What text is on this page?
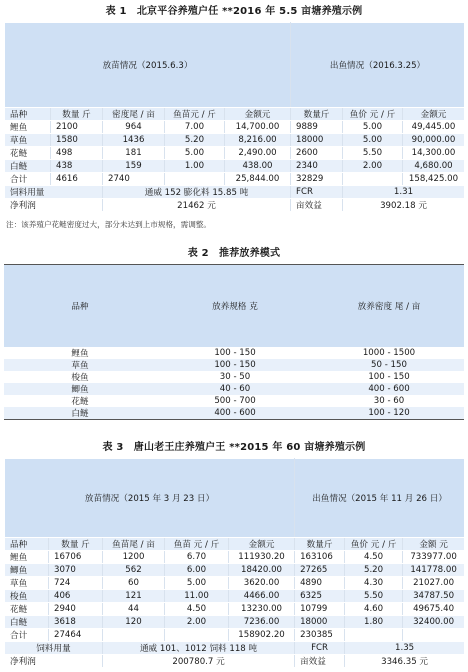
表 1　北京平谷养殖户任 **2016 年 5.5 亩塘养殖示例
放苗情况（2015.6.3）					出鱼情况（2016.3.25）		
品种	数量 斤	密度尾 / 亩	鱼苗元 / 斤	金额元	数量斤	鱼价 元 / 斤	金额元
鲤鱼	2100	964	7.00	14,700.00	9889	5.00	49,445.00
草鱼	1580	1436	5.20	8,216.00	18000	5.00	90,000.00
花鲢	498	181	5.00	2,490.00	2600	5.50	14,300.00
白鲢	438	159	1.00	438.00	2340	2.00	4,680.00
合计	4616	2740		25,844.00	32829		158,425.00
饲料用量		通威 152 膨化料 15.85 吨			FCR	1.31	
净利润		21462 元			亩效益	3902.18 元	
注：该养殖户花鲢密度过大，部分未达到上市规格，需调整。
表 2　推荐放养模式
品种	放养规格 克	放养密度 尾 / 亩
鲤鱼	100 - 150	1000 - 1500
草鱼	100 - 150	50 - 150
梭鱼	30 - 50	100 - 150
鲫鱼	40 - 60	400 - 600
花鲢	500 - 700	30 - 60
白鲢	400 - 600	100 - 120
表 3　唐山老王庄养殖户王 **2015 年 60 亩塘养殖示例
放苗情况（2015 年 3 月 23 日）					出鱼情况（2015 年 11 月 26 日）		
品种	数量 斤	鱼苗尾 / 亩	鱼苗 元 / 斤	金额元	数量斤	鱼价 元 / 斤	金额 元
鲤鱼	16706	1200	6.70	111930.20	163106	4.50	733977.00
鲫鱼	3070	562	6.00	18420.00	27265	5.20	141778.00
草鱼	724	60	5.00	3620.00	4890	4.30	21027.00
梭鱼	406	121	11.00	4466.00	6325	5.50	34787.50
花鲢	2940	44	4.50	13230.00	10799	4.60	49675.40
白鲢	3618	120	2.00	7236.00	18000	1.80	32400.00
合计	27464			158902.20	230385		
饲料用量		通威 101、1012 饲料 118 吨			FCR	1.35	
净利润		200780.7 元			亩效益	3346.35 元	
